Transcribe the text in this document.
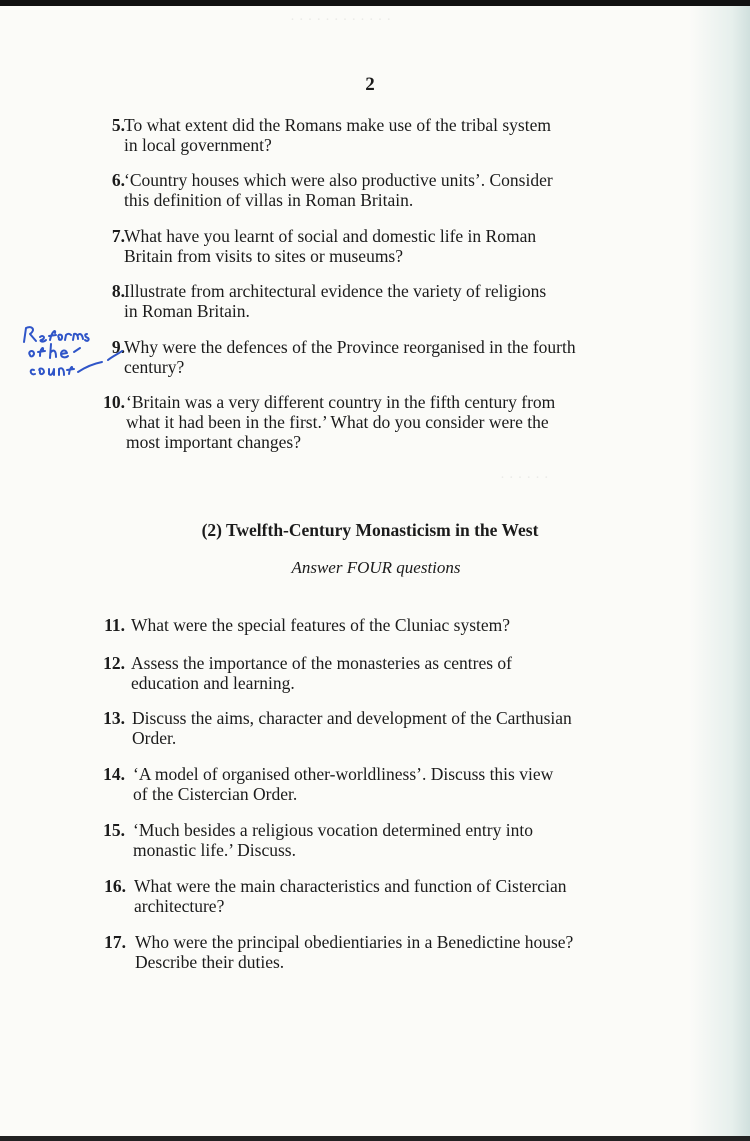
· · · · · · · · · · · ·
· · · · · ·
2
5. To what extent did the Romans make use of the tribal system
in local government?
6. ‘Country houses which were also productive units’. Consider
this definition of villas in Roman Britain.
7. What have you learnt of social and domestic life in Roman
Britain from visits to sites or museums?
8. Illustrate from architectural evidence the variety of religions
in Roman Britain.
9. Why were the defences of the Province reorganised in the fourth
century?
10. ‘Britain was a very different country in the fifth century from
what it had been in the first.’ What do you consider were the
most important changes?
(2) Twelfth-Century Monasticism in the West
Answer FOUR questions
11. What were the special features of the Cluniac system?
12. Assess the importance of the monasteries as centres of
education and learning.
13. Discuss the aims, character and development of the Carthusian
Order.
14. ‘A model of organised other-worldliness’. Discuss this view
of the Cistercian Order.
15. ‘Much besides a religious vocation determined entry into
monastic life.’ Discuss.
16. What were the main characteristics and function of Cistercian
architecture?
17. Who were the principal obedientiaries in a Benedictine house?
Describe their duties.
